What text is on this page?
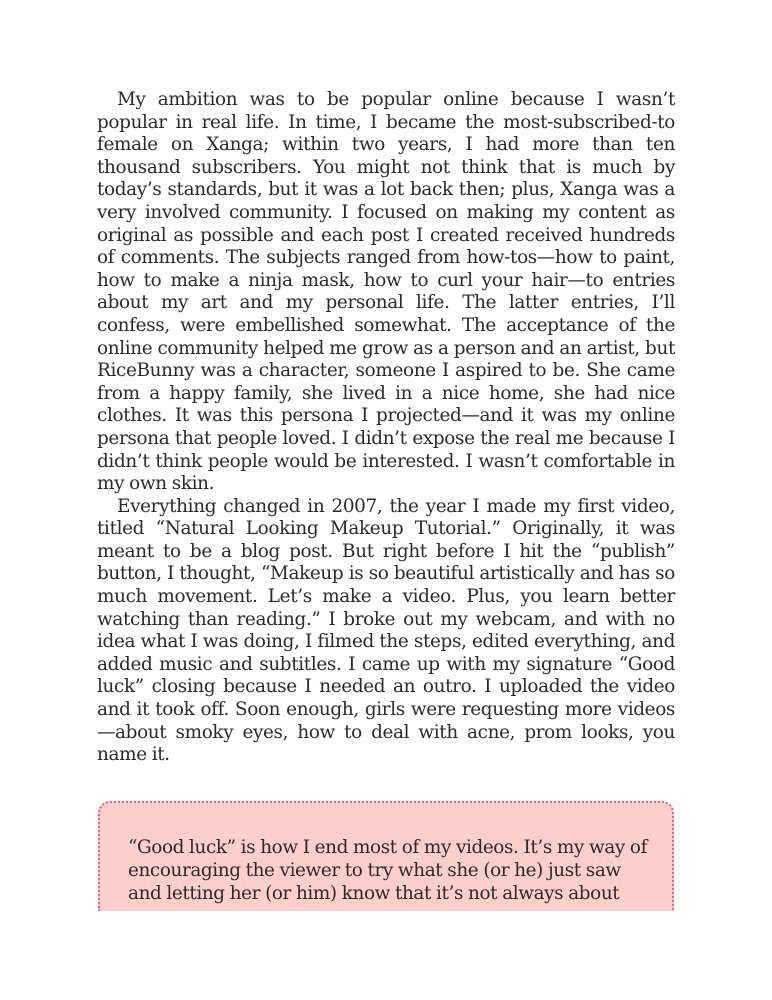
My ambition was to be popular online because I wasn’t popular in real life. In time, I became the most-subscribed-to female on Xanga; within two years, I had more than ten thousand subscribers. You might not think that is much by today’s standards, but it was a lot back then; plus, Xanga was a very involved community. I focused on making my content as original as possible and each post I created received hundreds of comments. The subjects ranged from how-tos—how to paint, how to make a ninja mask, how to curl your hair—to entries about my art and my personal life. The latter entries, I’ll confess, were embellished somewhat. The acceptance of the online community helped me grow as a person and an artist, but RiceBunny was a character, someone I aspired to be. She came from a happy family, she lived in a nice home, she had nice clothes. It was this persona I projected—and it was my online persona that people loved. I didn’t expose the real me because I didn’t think people would be interested. I wasn’t comfortable in my own skin.

Everything changed in 2007, the year I made my first video, titled “Natural Looking Makeup Tutorial.” Originally, it was meant to be a blog post. But right before I hit the “publish” button, I thought, “Makeup is so beautiful artistically and has so much movement. Let’s make a video. Plus, you learn better watching than reading.” I broke out my webcam, and with no idea what I was doing, I filmed the steps, edited everything, and added music and subtitles. I came up with my signature “Good luck” closing because I needed an outro. I uploaded the video and it took off. Soon enough, girls were requesting more videos —about smoky eyes, how to deal with acne, prom looks, you name it.

“Good luck” is how I end most of my videos. It’s my way of encouraging the viewer to try what she (or he) just saw and letting her (or him) know that it’s not always about
